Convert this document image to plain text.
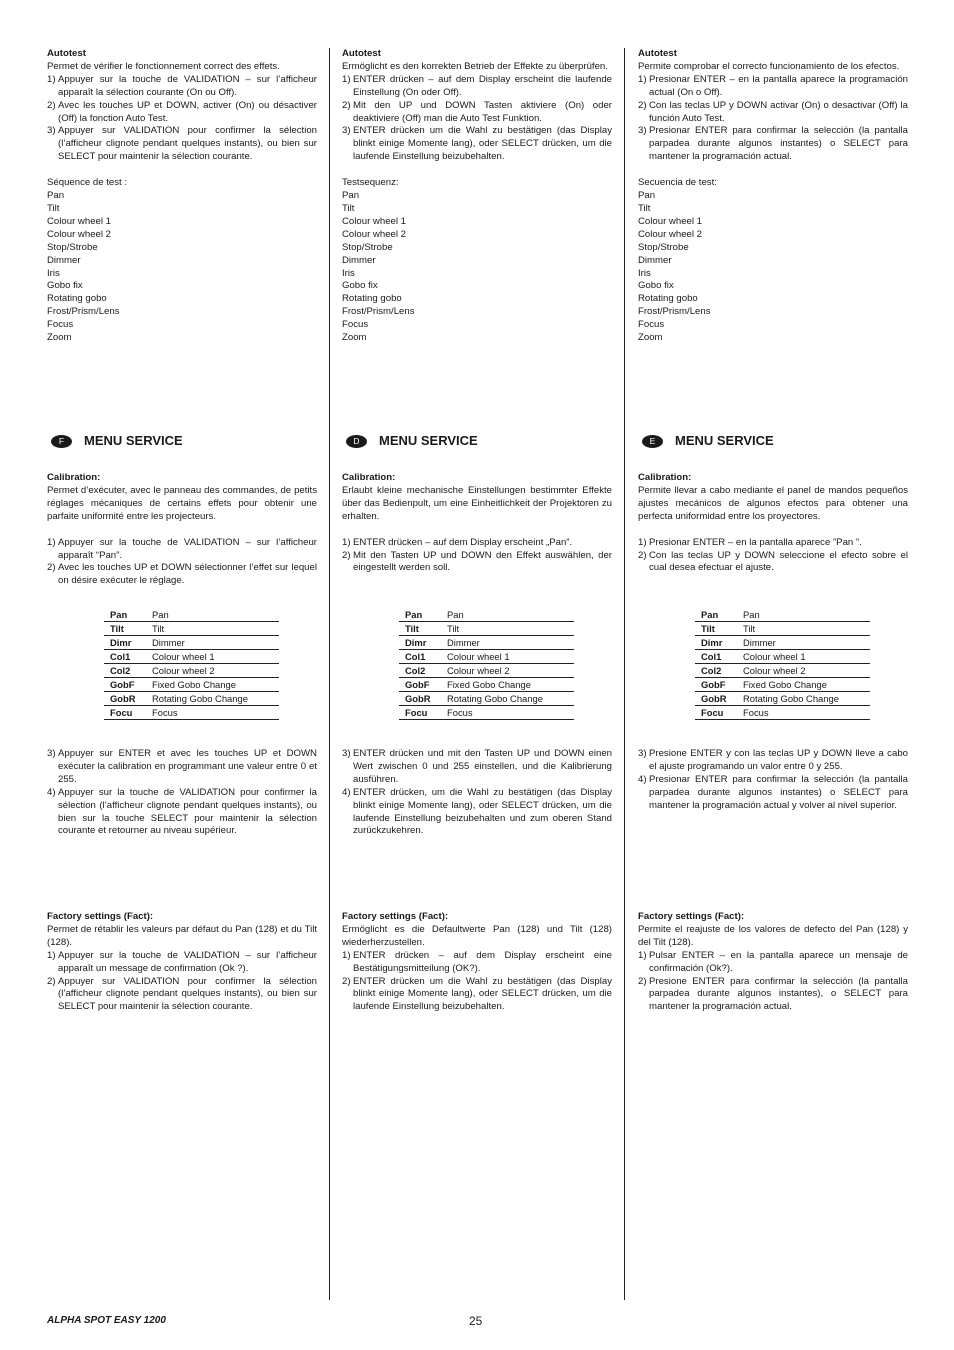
Autotest

Permet de vérifier le fonctionnement correct des effets.

1) Appuyer sur la touche de VALIDATION – sur l’afficheur apparaît la sélection courante (On ou Off).
2) Avec les touches UP et DOWN, activer (On) ou désactiver (Off) la fonction Auto Test.
3) Appuyer sur VALIDATION pour confirmer la sélection (l’afficheur clignote pendant quelques instants), ou bien sur SELECT pour maintenir la sélection courante.

Séquence de test :

Pan
Tilt
Colour wheel 1
Colour wheel 2
Stop/Strobe
Dimmer
Iris
Gobo fix
Rotating gobo
Frost/Prism/Lens
Focus
Zoom
F	MENU SERVICE

Calibration:

Permet d’exécuter, avec le panneau des commandes, de petits réglages mécaniques de certains effets pour obtenir une parfaite uniformité entre les projecteurs.

1) Appuyer sur la touche de VALIDATION – sur l’afficheur apparaît “Pan”.
2) Avec les touches UP et DOWN sélectionner l’effet sur lequel on désire exécuter le réglage.
Pan	Pan
Tilt	Tilt
Dimr	Dimmer
Col1	Colour wheel 1
Col2	Colour wheel 2
GobF	Fixed Gobo Change
GobR	Rotating Gobo Change
Focu	Focus
3) Appuyer sur ENTER et avec les touches UP et DOWN exécuter la calibration en programmant une valeur entre 0 et 255.
4) Appuyer sur la touche de VALIDATION pour confirmer la sélection (l’afficheur clignote pendant quelques instants), ou bien sur la touche SELECT pour maintenir la sélection courante et retourner au niveau supérieur.

Factory settings (Fact):

Permet de rétablir les valeurs par défaut du Pan (128) et du Tilt (128).

1) Appuyer sur la touche de VALIDATION – sur l’afficheur apparaît un message de confirmation (Ok ?).
2) Appuyer sur VALIDATION pour confirmer la sélection (l’afficheur clignote pendant quelques instants), ou bien sur SELECT pour maintenir la sélection courante.

Autotest

Ermöglicht es den korrekten Betrieb der Effekte zu überprüfen.

1) ENTER drücken – auf dem Display erscheint die laufende Einstellung (On oder Off).
2) Mit den UP und DOWN Tasten aktiviere (On) oder deaktiviere (Off) man die Auto Test Funktion.
3) ENTER drücken um die Wahl zu bestätigen (das Display blinkt einige Momente lang), oder SELECT drücken, um die laufende Einstellung beizubehalten.

Testsequenz:

Pan
Tilt
Colour wheel 1
Colour wheel 2
Stop/Strobe
Dimmer
Iris
Gobo fix
Rotating gobo
Frost/Prism/Lens
Focus
Zoom
D	MENU SERVICE

Calibration:

Erlaubt kleine mechanische Einstellungen bestimmter Effekte über das Bedienpult, um eine Einheitlichkeit der Projektoren zu erhalten.

1) ENTER drücken – auf dem Display erscheint „Pan”.
2) Mit den Tasten UP und DOWN den Effekt auswählen, der eingestellt werden soll.
Pan	Pan
Tilt	Tilt
Dimr	Dimmer
Col1	Colour wheel 1
Col2	Colour wheel 2
GobF	Fixed Gobo Change
GobR	Rotating Gobo Change
Focu	Focus
3) ENTER drücken und mit den Tasten UP und DOWN einen Wert zwischen 0 und 255 einstellen, und die Kalibrierung ausführen.
4) ENTER drücken, um die Wahl zu bestätigen (das Display blinkt einige Momente lang), oder SELECT drücken, um die laufende Einstellung beizubehalten und zum oberen Stand zurückzukehren.

Factory settings (Fact):

Ermöglicht es die Defaultwerte Pan (128) und Tilt (128) wiederherzustellen.

1) ENTER drücken – auf dem Display erscheint eine Bestätigungsmitteilung (OK?).
2) ENTER drücken um die Wahl zu bestätigen (das Display blinkt einige Momente lang), oder SELECT drücken, um die laufende Einstellung beizubehalten.

Autotest

Permite comprobar el correcto funcionamiento de los efectos.

1) Presionar ENTER – en la pantalla aparece la programación actual (On o Off).
2) Con las teclas UP y DOWN activar (On) o desactivar (Off) la función Auto Test.
3) Presionar ENTER para confirmar la selección (la pantalla parpadea durante algunos instantes) o SELECT para mantener la programación actual.

Secuencia de test:

Pan
Tilt
Colour wheel 1
Colour wheel 2
Stop/Strobe
Dimmer
Iris
Gobo fix
Rotating gobo
Frost/Prism/Lens
Focus
Zoom
E	MENU SERVICE

Calibration:

Permite llevar a cabo mediante el panel de mandos pequeños ajustes mecánicos de algunos efectos para obtener una perfecta uniformidad entre los proyectores.

1) Presionar ENTER – en la pantalla aparece ”Pan ”.
2) Con las teclas UP y DOWN seleccione el efecto sobre el cual desea efectuar el ajuste.
Pan	Pan
Tilt	Tilt
Dimr	Dimmer
Col1	Colour wheel 1
Col2	Colour wheel 2
GobF	Fixed Gobo Change
GobR	Rotating Gobo Change
Focu	Focus
3) Presione ENTER y con las teclas UP y DOWN lleve a cabo el ajuste programando un valor entre 0 y 255.
4) Presionar ENTER para confirmar la selección (la pantalla parpadea durante algunos instantes) o SELECT para mantener la programación actual y volver al nivel superior.

Factory settings (Fact):

Permite el reajuste de los valores de defecto del Pan (128) y del Tilt (128).

1) Pulsar ENTER – en la pantalla aparece un mensaje de confirmación (Ok?).
2) Presione ENTER para confirmar la selección (la pantalla parpadea durante algunos instantes), o SELECT para mantener la programación actual.
ALPHA SPOT EASY 1200	25
